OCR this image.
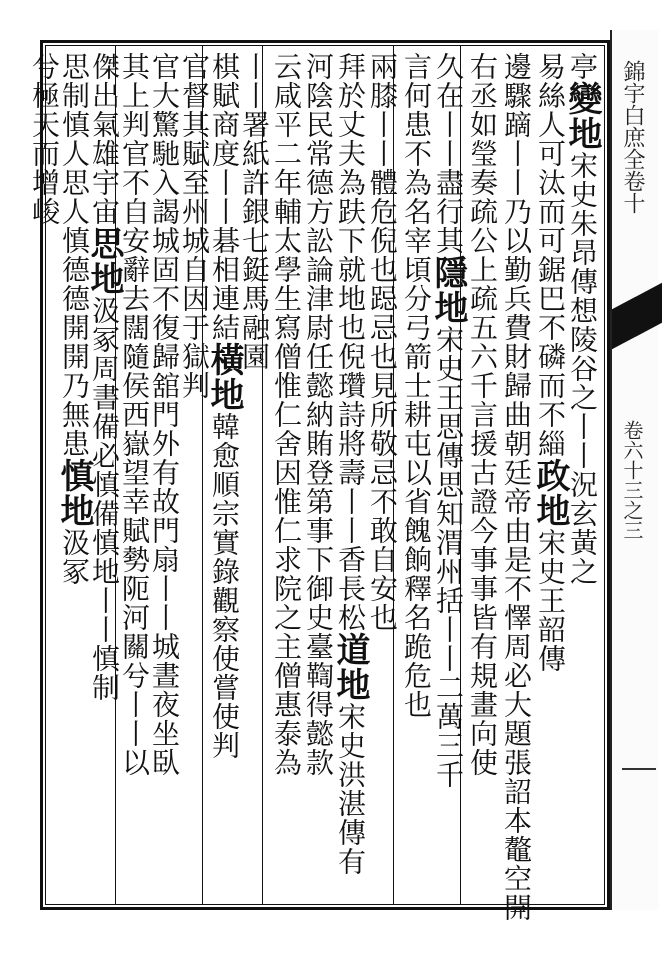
錦宇白庶全卷十
卷六十三之三
亭變地宋史朱昂傳想陵谷之丨丨況玄黃之
易絲人可汰而可鋸巴不磷而不緇政地宋史王韶傳
邊驟蹢丨丨乃以勤兵費財歸曲朝廷帝由是不懌周必大題張詔本鼇空開
右丞如瑩奏疏公上疏五六千言援古證今事事皆有規畫向使
久在丨丨盡行其隱地宋史王思傳思知渭州括丨丨二萬三千
言何患不為名宰頃分弓箭士耕屯以省餽餉釋名跪危也
兩膝丨丨體危倪也跽忌也見所敬忌不敢自安也
拜於丈夫為趺下就地也倪瓚詩將壽丨丨香長松道地宋史洪湛傳有
河陰民常德方訟論津尉任懿納賄登第事下御史臺鞫得懿款
云咸平二年輔太學生寫僧惟仁舍因惟仁求院之主僧惠泰為
丨丨署紙許銀七鋌馬融園
棋賦商度丨丨碁相連結橫地韓愈順宗實錄觀察使嘗使判
官督其賦至州城自因于獄判
官大驚馳入謁城固不復歸舘門外有故門扇丨丨城晝夜坐臥
其上判官不自安辭去闊隨侯西嶽望幸賦勢阨河關兮丨丨以
傑出氣雄宇宙思地汲冢周書備必慎備慎地丨丨慎制
思制慎人思人慎德德開開乃無患慎地汲冢
兮極天而增峻
